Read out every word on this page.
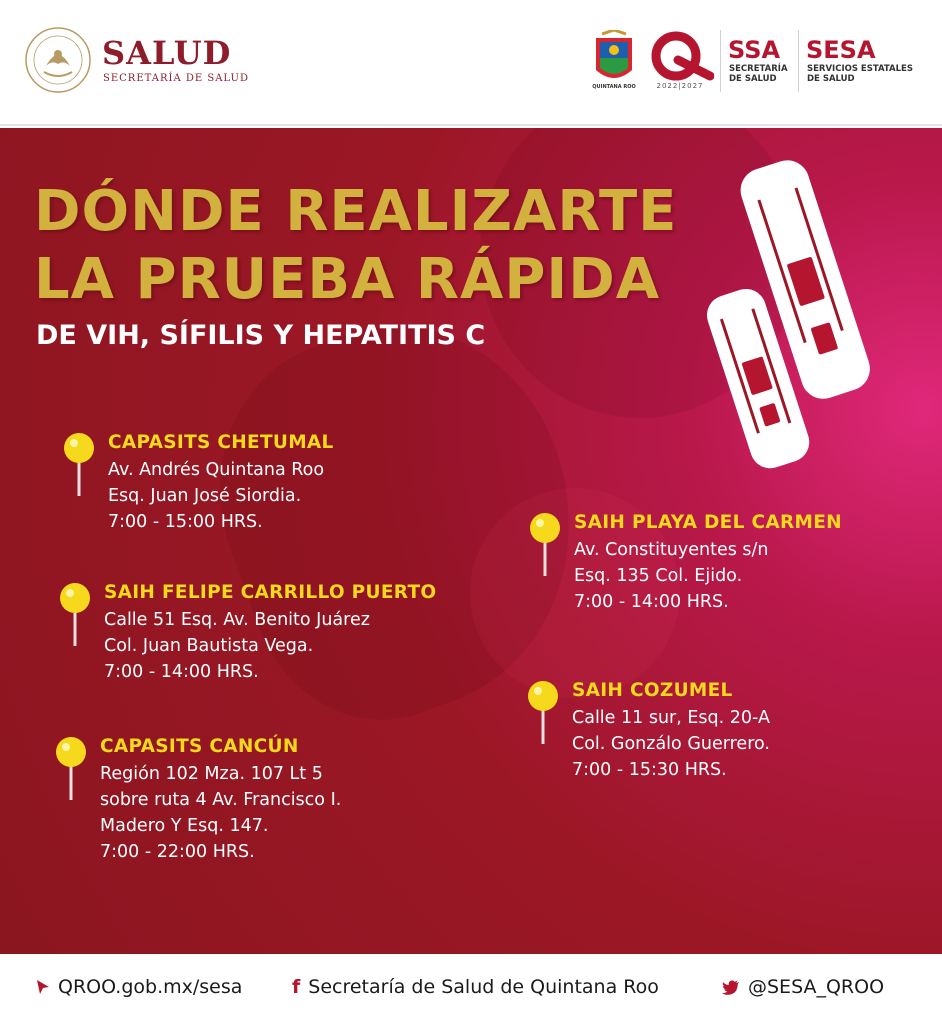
SALUD
SECRETARÍA DE SALUD
QUINTANA ROO	2022|2027
SSA
SECRETARÍA DE SALUD
SESA
SERVICIOS ESTATALES DE SALUD
DÓNDE REALIZARTE
LA PRUEBA RÁPIDA
DE VIH, SÍFILIS Y HEPATITIS C
CAPASITS CHETUMAL
Av. Andrés Quintana Roo
Esq. Juan José Siordia.
7:00 - 15:00 HRS.
SAIH FELIPE CARRILLO PUERTO
Calle 51 Esq. Av. Benito Juárez
Col. Juan Bautista Vega.
7:00 - 14:00 HRS.
CAPASITS CANCÚN
Región 102 Mza. 107 Lt 5
sobre ruta 4 Av. Francisco I.
Madero Y Esq. 147.
7:00 - 22:00 HRS.
SAIH PLAYA DEL CARMEN
Av. Constituyentes s/n
Esq. 135 Col. Ejido.
7:00 - 14:00 HRS.
SAIH COZUMEL
Calle 11 sur, Esq. 20-A
Col. Gonzálo Guerrero.
7:00 - 15:30 HRS.
QROO.gob.mx/sesa	f Secretaría de Salud de Quintana Roo	@SESA_QROO
